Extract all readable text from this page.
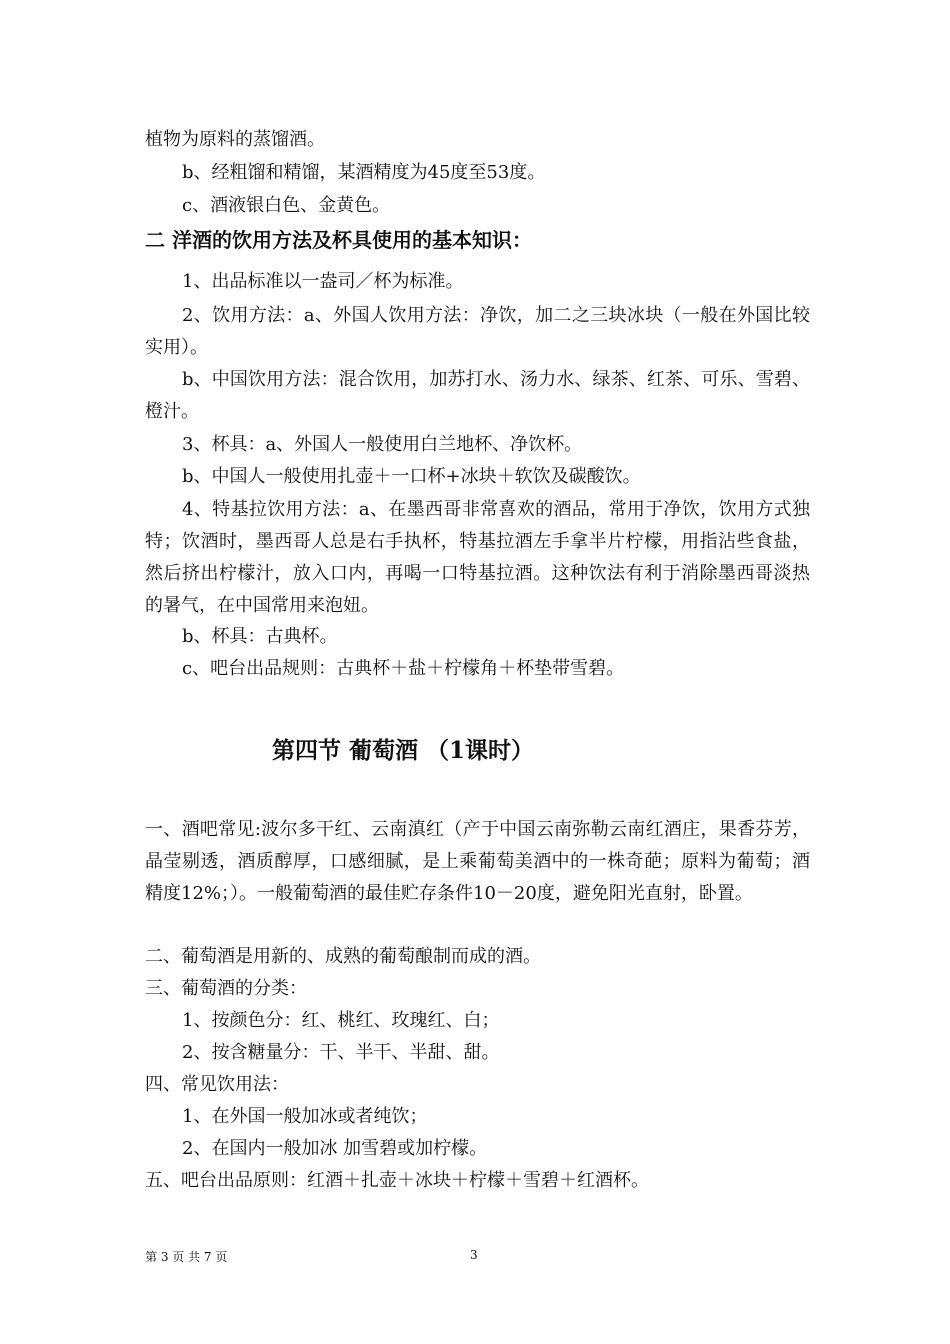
植物为原料的蒸馏酒。

b、经粗馏和精馏，某酒精度为45度至53度。

c、酒液银白色、金黄色。

二 洋酒的饮用方法及杯具使用的基本知识：

1、出品标准以一盎司／杯为标准。

2、饮用方法：a、外国人饮用方法：净饮，加二之三块冰块（一般在外国比较实用）。

b、中国饮用方法：混合饮用，加苏打水、汤力水、绿茶、红茶、可乐、雪碧、橙汁。

3、杯具：a、外国人一般使用白兰地杯、净饮杯。

b、中国人一般使用扎壶＋一口杯+冰块＋软饮及碳酸饮。

4、特基拉饮用方法：a、在墨西哥非常喜欢的酒品，常用于净饮，饮用方式独特；饮酒时，墨西哥人总是右手执杯，特基拉酒左手拿半片柠檬，用指沾些食盐，然后挤出柠檬汁，放入口内，再喝一口特基拉酒。这种饮法有利于消除墨西哥淡热的暑气，在中国常用来泡妞。

b、杯具：古典杯。

c、吧台出品规则：古典杯＋盐＋柠檬角＋杯垫带雪碧。

第四节 葡萄酒 （1课时）

一、酒吧常见:波尔多干红、云南滇红（产于中国云南弥勒云南红酒庄，果香芬芳，晶莹剔透，酒质醇厚，口感细腻，是上乘葡萄美酒中的一株奇葩；原料为葡萄；酒精度12%；）。一般葡萄酒的最佳贮存条件10－20度，避免阳光直射，卧置。

二、葡萄酒是用新的、成熟的葡萄酿制而成的酒。

三、葡萄酒的分类：

1、按颜色分：红、桃红、玫瑰红、白；

2、按含糖量分：干、半干、半甜、甜。

四、常见饮用法：

1、在外国一般加冰或者纯饮；

2、在国内一般加冰 加雪碧或加柠檬。

五、吧台出品原则：红酒＋扎壶＋冰块＋柠檬＋雪碧＋红酒杯。

第 3 页 共 7 页	3
